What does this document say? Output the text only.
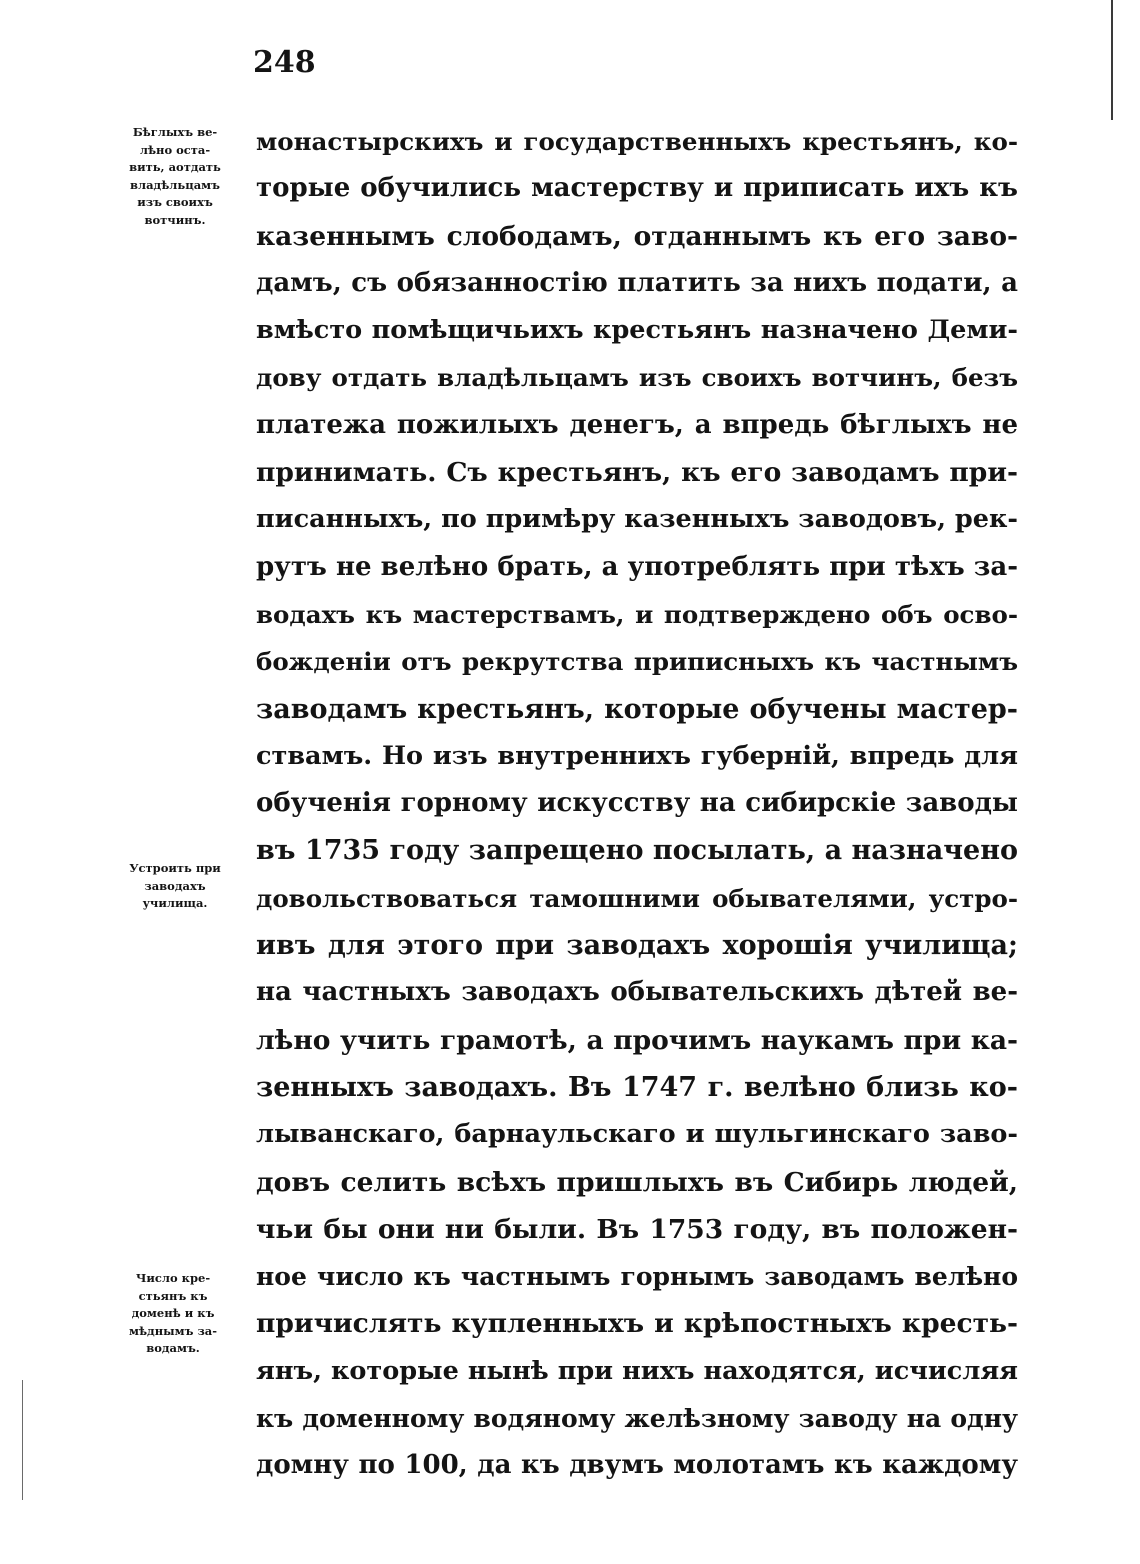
248
Бѣглыхъ ве-
лѣно оста-
вить, аотдать
владѣльцамъ
изъ своихъ
вотчинъ.
Устроить при
заводахъ
училища.
Число кре-
стьянъ къ
доменѣ и къ
мѣднымъ за-
водамъ.
монастырскихъ и государственныхъ крестьянъ, ко-
торые обучились мастерству и приписать ихъ къ
казеннымъ слободамъ, отданнымъ къ его заво-
дамъ, съ обязанностію платить за нихъ подати, а
вмѣсто помѣщичьихъ крестьянъ назначено Деми-
дову отдать владѣльцамъ изъ своихъ вотчинъ, безъ
платежа пожилыхъ денегъ, а впредь бѣглыхъ не
принимать. Съ крестьянъ, къ его заводамъ при-
писанныхъ, по примѣру казенныхъ заводовъ, рек-
рутъ не велѣно брать, а употреблять при тѣхъ за-
водахъ къ мастерствамъ, и подтверждено объ осво-
божденіи отъ рекрутства приписныхъ къ частнымъ
заводамъ крестьянъ, которые обучены мастер-
ствамъ. Но изъ внутреннихъ губерній, впредь для
обученія горному искусству на сибирскіе заводы
въ 1735 году запрещено посылать, а назначено
довольствоваться тамошними обывателями, устро-
ивъ для этого при заводахъ хорошія училища;
на частныхъ заводахъ обывательскихъ дѣтей ве-
лѣно учить грамотѣ, а прочимъ наукамъ при ка-
зенныхъ заводахъ. Въ 1747 г. велѣно близь ко-
лыванскаго, барнаульскаго и шульгинскаго заво-
довъ селить всѣхъ пришлыхъ въ Сибирь людей,
чьи бы они ни были. Въ 1753 году, въ положен-
ное число къ частнымъ горнымъ заводамъ велѣно
причислять купленныхъ и крѣпостныхъ кресть-
янъ, которые нынѣ при нихъ находятся, исчисляя
къ доменному водяному желѣзному заводу на одну
домну по 100, да къ двумъ молотамъ къ каждому
